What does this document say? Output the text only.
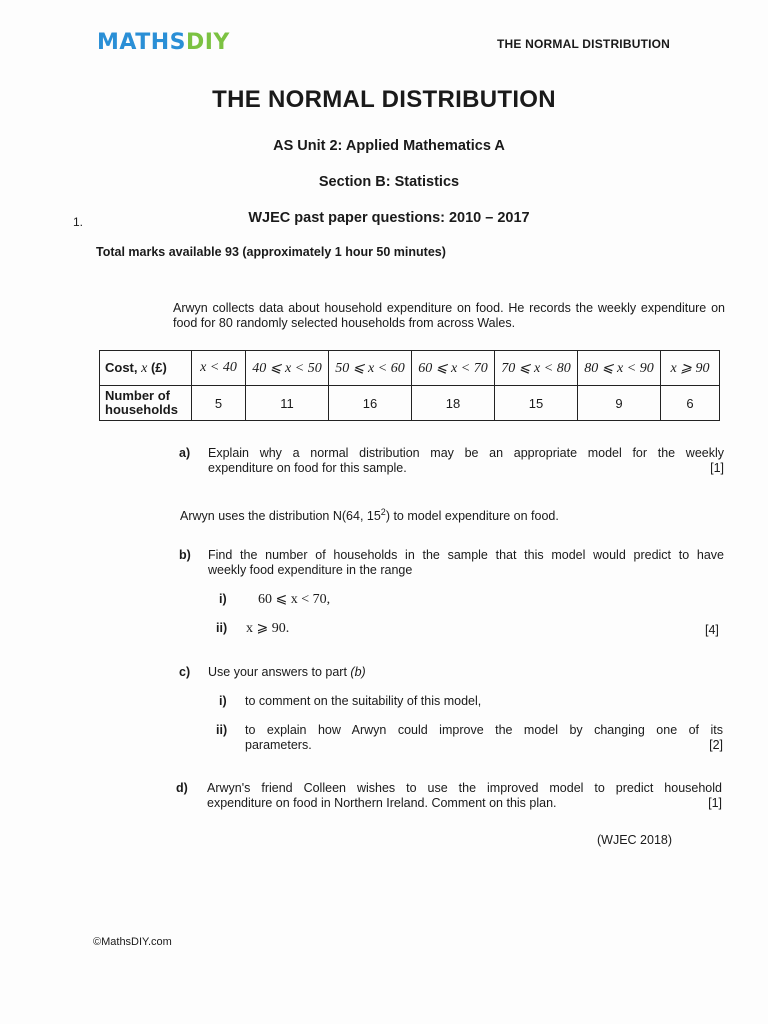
MATHSDIY	THE NORMAL DISTRIBUTION
THE NORMAL DISTRIBUTION
AS Unit 2: Applied Mathematics A
Section B: Statistics
1.	WJEC past paper questions: 2010 – 2017
Total marks available 93 (approximately 1 hour 50 minutes)
Arwyn collects data about household expenditure on food. He records the weekly expenditure on food for 80 randomly selected households from across Wales.
Cost, x (£)	x < 40	40 ⩽ x < 50	50 ⩽ x < 60	60 ⩽ x < 70	70 ⩽ x < 80	80 ⩽ x < 90	x ⩾ 90
Number of households	5	11	16	18	15	9	6
a) Explain why a normal distribution may be an appropriate model for the weekly
expenditure on food for this sample.	[1]
Arwyn uses the distribution N(64, $15^2$) to model expenditure on food.
b) Find the number of households in the sample that this model would predict to have
weekly food expenditure in the range
i) 60 ⩽ x < 70,
ii) x ⩾ 90.	[4]
c) Use your answers to part (b)
i) to comment on the suitability of this model,
ii) to explain how Arwyn could improve the model by changing one of its
parameters.	[2]
d) Arwyn's friend Colleen wishes to use the improved model to predict household
expenditure on food in Northern Ireland. Comment on this plan.	[1]
(WJEC 2018)
©MathsDIY.com
